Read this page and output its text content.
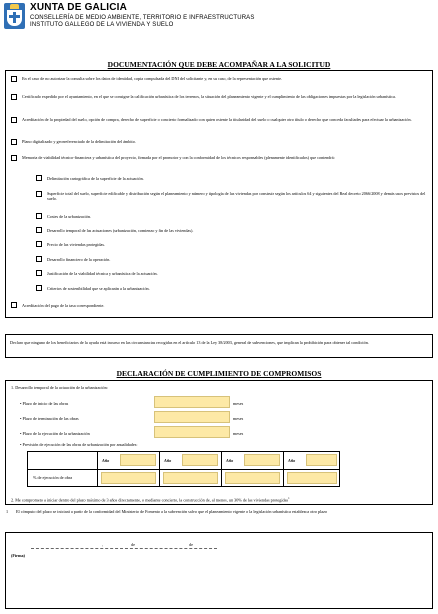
XUNTA DE GALICIA
CONSELLERÍA DE MEDIO AMBIENTE, TERRITORIO E INFRAESTRUCTURAS
INSTITUTO GALLEGO DE LA VIVIENDA Y SUELO
DOCUMENTACIÓN QUE DEBE ACOMPAÑAR A LA SOLICITUD
En el caso de no autorizar la consulta sobre los datos de identidad, copia compulsada del DNI del solicitante y, en su caso, de la representación que ostente.
Certificado expedido por el ayuntamiento, en el que se consigne la calificación urbanística de los terrenos, la situación del planeamiento vigente y el cumplimiento de las obligaciones impuestas por la legislación urbanística.
Acreditación de la propiedad del suelo, opción de compra, derecho de superficie o concierto formalizado con quien ostente la titularidad del suelo o cualquier otro título o derecho que conceda facultades para efectuar la urbanización.
Plano digitalizado y georreferenciado de la delimitación del ámbito.
Memoria de viabilidad técnico-financiera y urbanística del proyecto, firmada por el promotor y con la conformidad de los técnicos responsables (plenamente identificados) que contendrá:
Delimitación cartográfica de la superficie de la actuación.
Superficie total del suelo, superficie edificable y distribución según el planeamiento y número y tipología de las viviendas por construir según los artículos 64 y siguientes del Real decreto 2066/2008 y demás usos previstos del suelo.
Costes de la urbanización.
Desarrollo temporal de las actuaciones (urbanización, comienzo y fin de las viviendas).
Precio de las viviendas protegidas.
Desarrollo financiero de la operación.
Justificación de la viabilidad técnica y urbanística de la actuación.
Criterios de sostenibilidad que se aplicarán a la urbanización.
Acreditación del pago de la tasa correspondiente.
Declaro que ninguno de los beneficiarios de la ayuda está incurso en las circunstancias recogidas en el artículo 13 de la Ley 38/2003, general de subvenciones, que implican la prohibición para obtener tal condición.
DECLARACIÓN DE CUMPLIMIENTO DE COMPROMISOS
1. Desarrollo temporal de la actuación de la urbanización:
• Plazo de inicio de las obras	meses
• Plazo de terminación de las obras	meses
• Plazo de la ejecución de la urbanización	meses
• Previsión de ejecución de las obras de urbanización por anualidades:
Año	Año	Año	Año
% de ejecución de obra
2. Me comprometo a iniciar dentro del plazo máximo de 3 años directamente, o mediante concierto, la construcción de, al menos, un 30% de las viviendas protegidas$^1$
1 El cómputo del plazo se iniciará a partir de la conformidad del Ministerio de Fomento a la subvención salvo que el planeamiento vigente o la legislación urbanística establezca otro plazo
,	de	de
(Firma)
